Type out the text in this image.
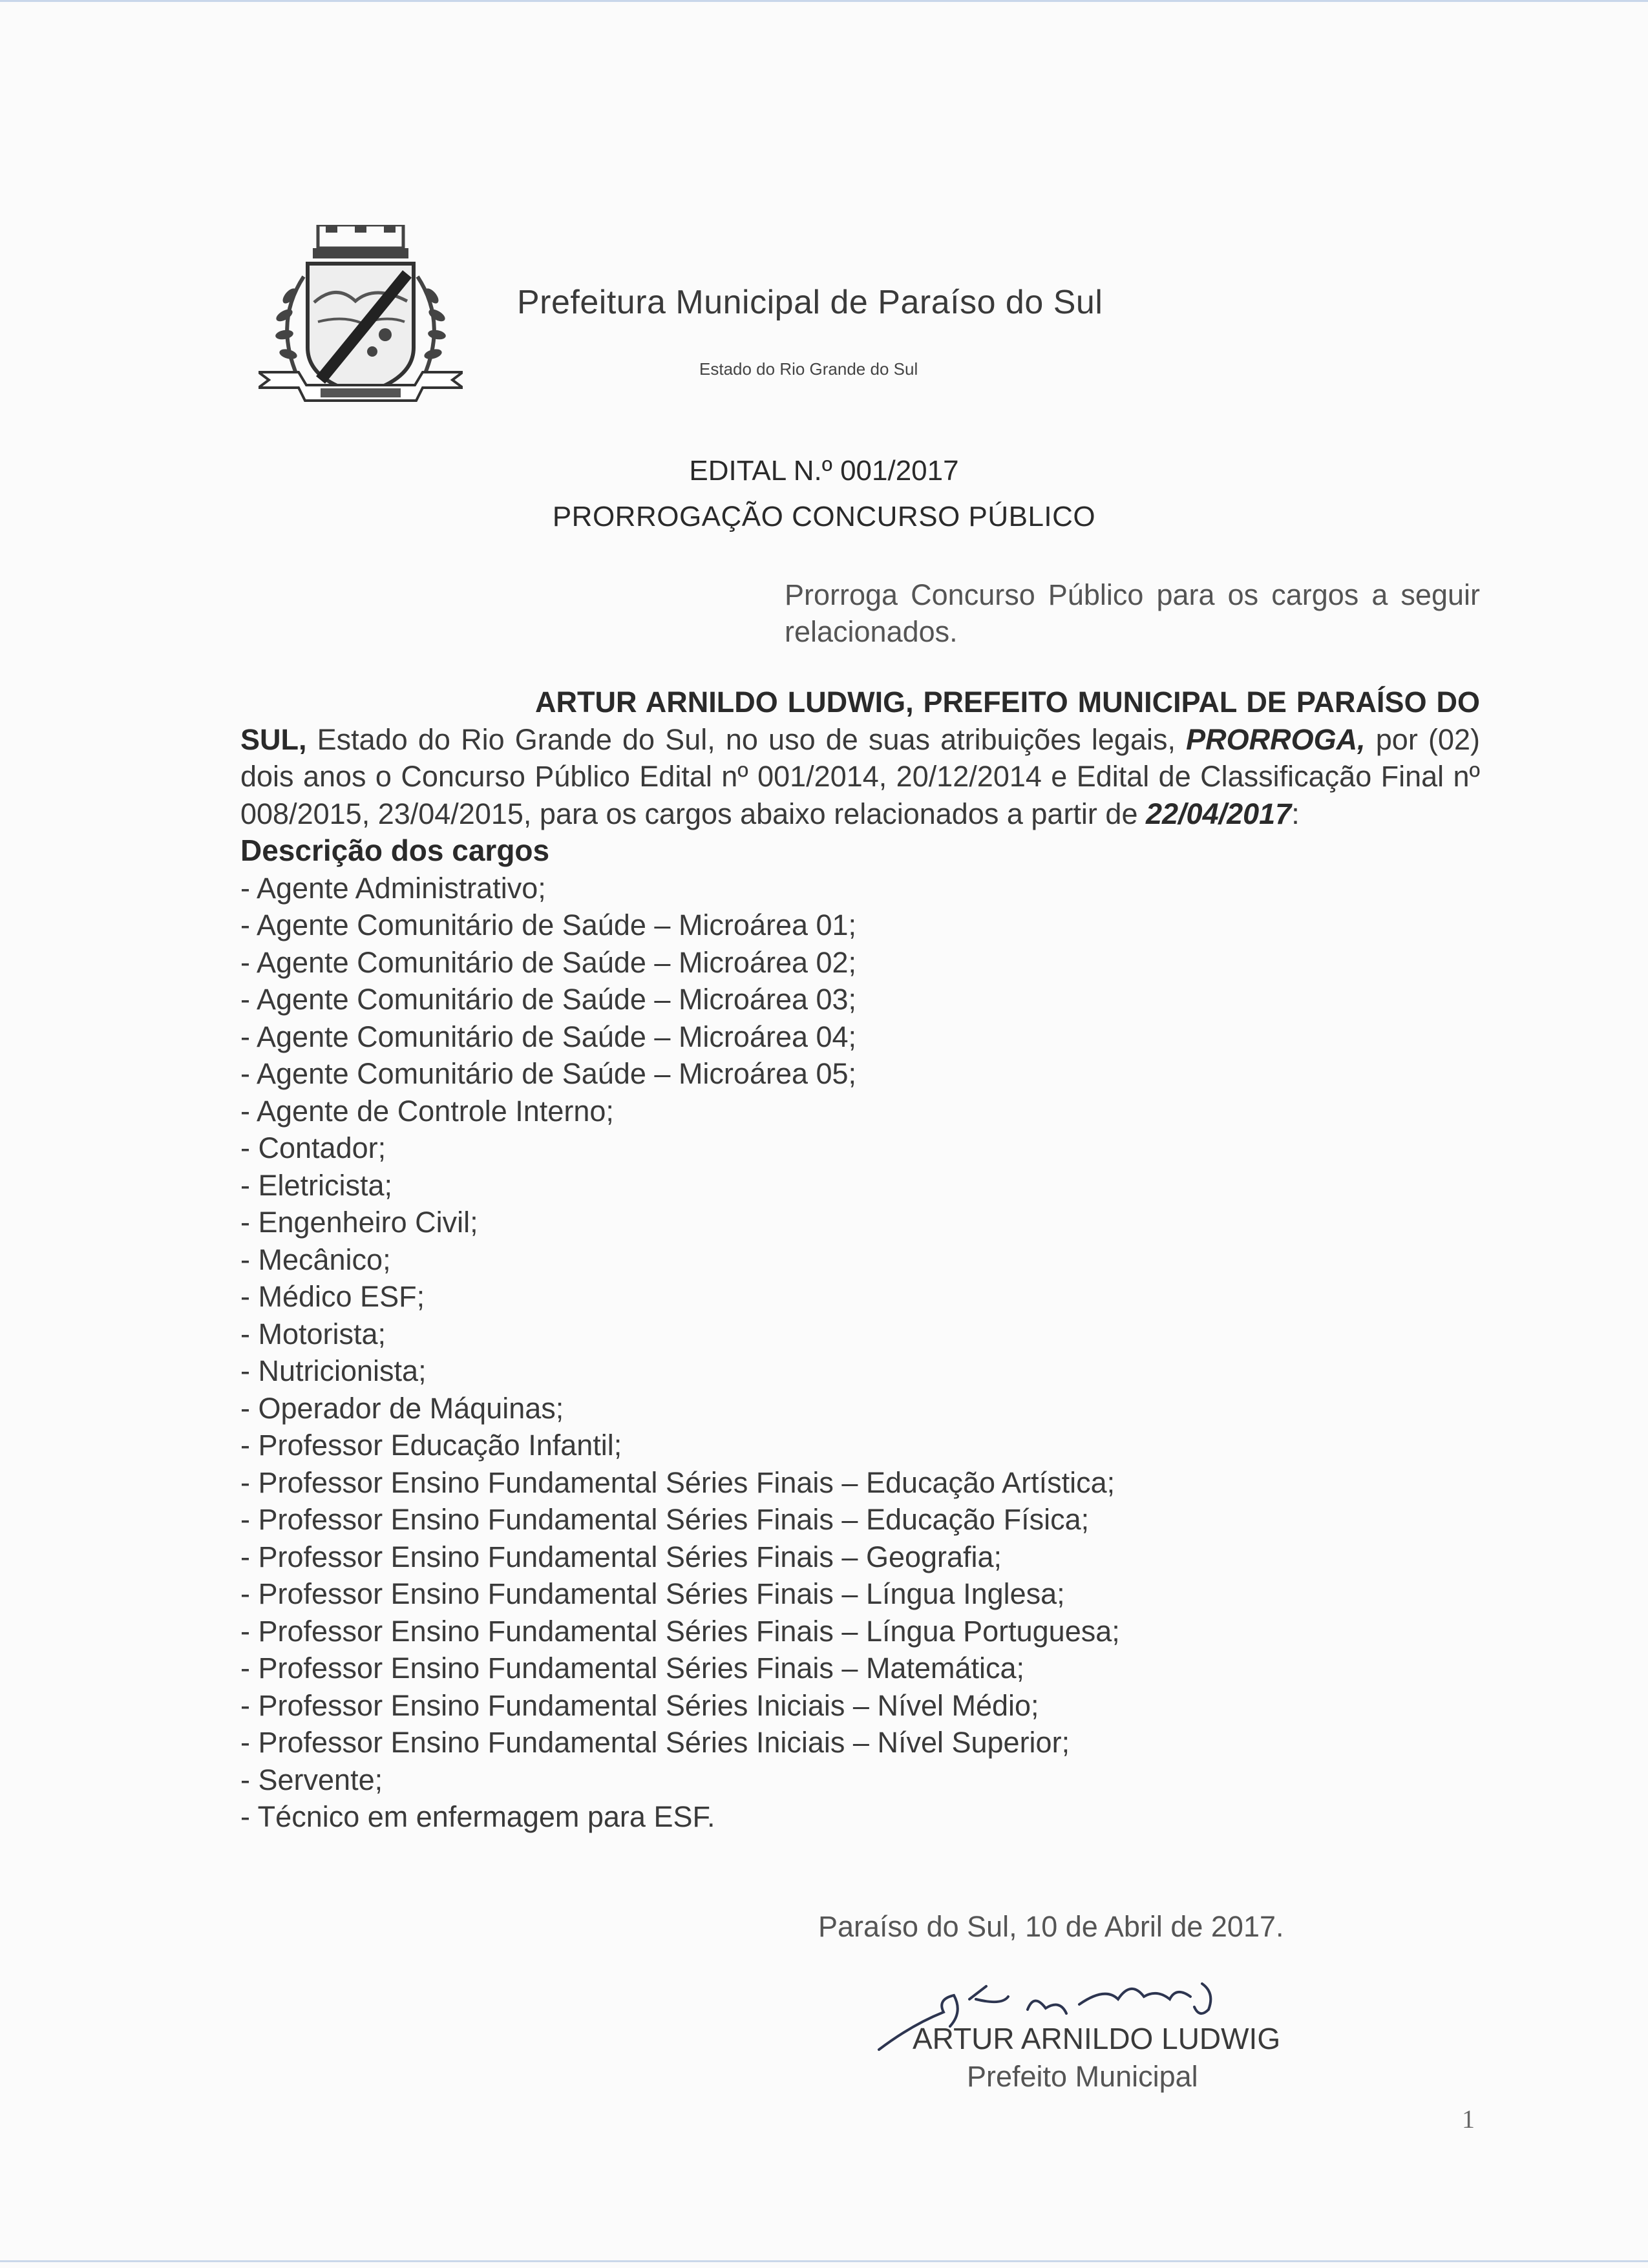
Prefeitura Municipal de Paraíso do Sul
Estado do Rio Grande do Sul
EDITAL N.º 001/2017
PRORROGAÇÃO CONCURSO PÚBLICO
Prorroga Concurso Público para os cargos a seguir relacionados.

ARTUR ARNILDO LUDWIG, PREFEITO MUNICIPAL DE PARAÍSO DO SUL, Estado do Rio Grande do Sul, no uso de suas atribuições legais, PRORROGA, por (02) dois anos o Concurso Público Edital nº 001/2014, 20/12/2014 e Edital de Classificação Final nº 008/2015, 23/04/2015, para os cargos abaixo relacionados a partir de 22/04/2017:

Descrição dos cargos

- Agente Administrativo;
- Agente Comunitário de Saúde – Microárea 01;
- Agente Comunitário de Saúde – Microárea 02;
- Agente Comunitário de Saúde – Microárea 03;
- Agente Comunitário de Saúde – Microárea 04;
- Agente Comunitário de Saúde – Microárea 05;
- Agente de Controle Interno;
- Contador;
- Eletricista;
- Engenheiro Civil;
- Mecânico;
- Médico ESF;
- Motorista;
- Nutricionista;
- Operador de Máquinas;
- Professor Educação Infantil;
- Professor Ensino Fundamental Séries Finais – Educação Artística;
- Professor Ensino Fundamental Séries Finais – Educação Física;
- Professor Ensino Fundamental Séries Finais – Geografia;
- Professor Ensino Fundamental Séries Finais – Língua Inglesa;
- Professor Ensino Fundamental Séries Finais – Língua Portuguesa;
- Professor Ensino Fundamental Séries Finais – Matemática;
- Professor Ensino Fundamental Séries Iniciais – Nível Médio;
- Professor Ensino Fundamental Séries Iniciais – Nível Superior;
- Servente;
- Técnico em enfermagem para ESF.
Paraíso do Sul, 10 de Abril de 2017.
ARTUR ARNILDO LUDWIG
Prefeito Municipal
1
